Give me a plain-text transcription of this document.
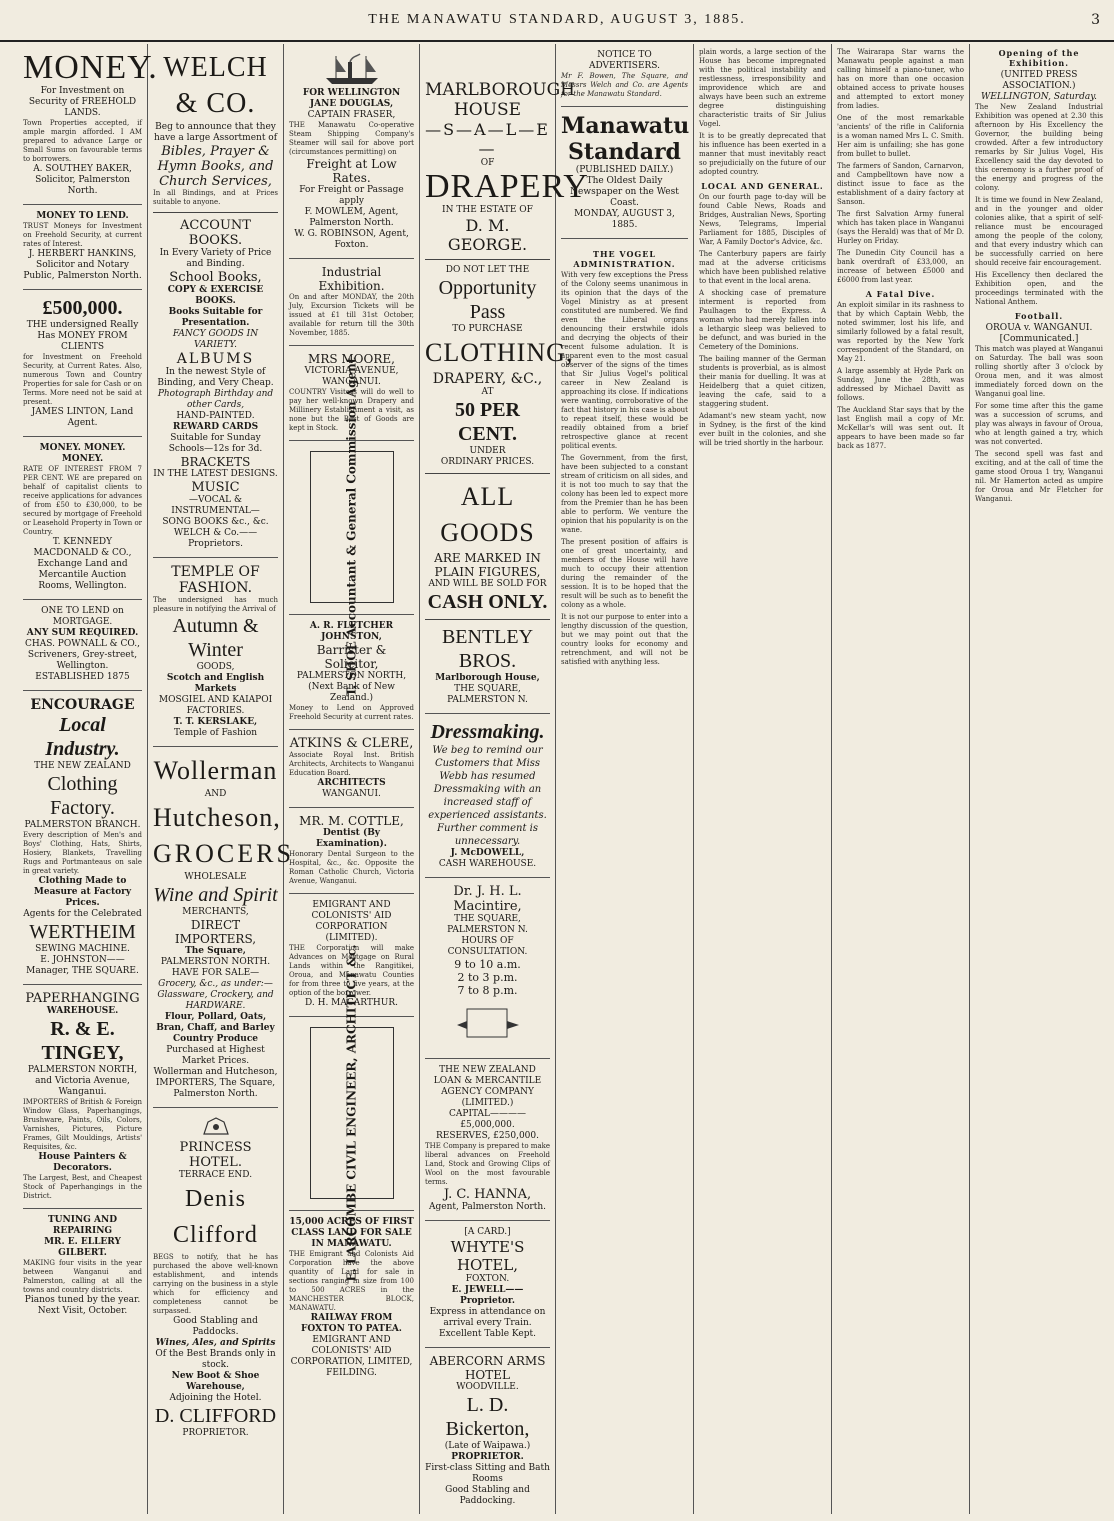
THE MANAWATU STANDARD, AUGUST 3, 1885.	3
MONEY.
For Investment on Security of FREEHOLD LANDS.
Town Properties accepted, if ample margin afforded. I AM prepared to advance Large or Small Sums on favourable terms to borrowers.
A. SOUTHEY BAKER, Solicitor, Palmerston North.
MONEY TO LEND.
TRUST Moneys for Investment on Freehold Security, at current rates of Interest.
J. HERBERT HANKINS, Solicitor and Notary Public, Palmerston North.
£500,000.
THE undersigned Really Has MONEY FROM CLIENTS
for Investment on Freehold Security, at Current Rates. Also, numerous Town and Country Properties for sale for Cash or on Terms. More need not be said at present.
JAMES LINTON, Land Agent.
MONEY. MONEY. MONEY.
RATE OF INTEREST FROM 7 PER CENT. WE are prepared on behalf of capitalist clients to receive applications for advances of from £50 to £30,000, to be secured by mortgage of Freehold or Leasehold Property in Town or Country.
T. KENNEDY MACDONALD & CO., Exchange Land and Mercantile Auction Rooms, Wellington.
ONE TO LEND on MORTGAGE.
ANY SUM REQUIRED.
CHAS. POWNALL & CO., Scriveners, Grey-street, Wellington. ESTABLISHED 1875
ENCOURAGE
Local Industry.
THE NEW ZEALAND
Clothing Factory.
PALMERSTON BRANCH.
Every description of Men's and Boys' Clothing, Hats, Shirts, Hosiery, Blankets, Travelling Rugs and Portmanteaus on sale in great variety.
Clothing Made to Measure at Factory Prices.
Agents for the Celebrated
WERTHEIM
SEWING MACHINE.
E. JOHNSTON——Manager, THE SQUARE.
PAPERHANGING
WAREHOUSE.
R. & E. TINGEY,
PALMERSTON NORTH, and Victoria Avenue, Wanganui.
IMPORTERS of British & Foreign Window Glass, Paperhangings, Brushware, Paints, Oils, Colors, Varnishes, Pictures, Picture Frames, Gilt Mouldings, Artists' Requisites, &c.
House Painters & Decorators.
The Largest, Best, and Cheapest Stock of Paperhangings in the District.
TUNING AND REPAIRING
MR. E. ELLERY GILBERT.
MAKING four visits in the year between Wanganui and Palmerston, calling at all the towns and country districts.
Pianos tuned by the year.
Next Visit, October.
WELCH & CO.
Beg to announce that they have a large Assortment of
Bibles, Prayer & Hymn Books, and Church Services,
In all Bindings, and at Prices suitable to anyone.
ACCOUNT BOOKS.
In Every Variety of Price and Binding.
School Books,
COPY & EXERCISE BOOKS.
Books Suitable for Presentation.
FANCY GOODS IN VARIETY.
ALBUMS
In the newest Style of Binding, and Very Cheap.
Photograph Birthday and other Cards,
HAND-PAINTED.
REWARD CARDS
Suitable for Sunday Schools—12s for 3d.
BRACKETS
IN THE LATEST DESIGNS.
MUSIC
—VOCAL & INSTRUMENTAL—
SONG BOOKS &c., &c.
WELCH & Co.——Proprietors.
TEMPLE OF FASHION.
The undersigned has much pleasure in notifying the Arrival of
Autumn & Winter
GOODS,
Scotch and English Markets
MOSGIEL AND KAIAPOI FACTORIES.
T. T. KERSLAKE,
Temple of Fashion
Wollerman
AND
Hutcheson,
GROCERS
WHOLESALE
Wine and Spirit
MERCHANTS,
DIRECT IMPORTERS,
The Square,
PALMERSTON NORTH.
HAVE FOR SALE—
Grocery, &c., as under:—
Glassware, Crockery, and HARDWARE.
Flour, Pollard, Oats, Bran, Chaff, and Barley
Country Produce
Purchased at Highest Market Prices.
Wollerman and Hutcheson, IMPORTERS, The Square, Palmerston North.
PRINCESS HOTEL.
TERRACE END.
Denis Clifford
BEGS to notify, that he has purchased the above well-known establishment, and intends carrying on the business in a style which for efficiency and completeness cannot be surpassed.
Good Stabling and Paddocks.
Wines, Ales, and Spirits
Of the Best Brands only in stock.
New Boot & Shoe Warehouse,
Adjoining the Hotel.
D. CLIFFORD
PROPRIETOR.
FOR WELLINGTON
JANE DOUGLAS,
CAPTAIN FRASER,
THE Manawatu Co-operative Steam Shipping Company's Steamer will sail for above port (circumstances permitting) on
Freight at Low Rates.
For Freight or Passage apply
F. MOWLEM, Agent, Palmerston North.
W. G. ROBINSON, Agent, Foxton.
Industrial Exhibition.
On and after MONDAY, the 20th July, Excursion Tickets will be issued at £1 till 31st October, available for return till the 30th November, 1885.
MRS MOORE,
VICTORIA AVENUE, WANGANUI.
COUNTRY Visitors will do well to pay her well-known Drapery and Millinery Establishment a visit, as none but the Best of Goods are kept in Stock. T. SHOE Accountant & General Commission Agent
A. R. FLETCHER JOHNSTON,
Barrister & Solicitor,
PALMERSTON NORTH, (Next Bank of New Zealand.)
Money to Lend on Approved Freehold Security at current rates.
ATKINS & CLERE,
Associate Royal Inst. British Architects, Architects to Wanganui Education Board.
ARCHITECTS
WANGANUI.
MR. M. COTTLE,
Dentist (By Examination).
Honorary Dental Surgeon to the Hospital, &c., &c. Opposite the Roman Catholic Church, Victoria Avenue, Wanganui.
EMIGRANT AND COLONISTS' AID CORPORATION (LIMITED).
THE Corporation will make Advances on Mortgage on Rural Lands within the Rangitikei, Oroua, and Manawatu Counties for from three to five years, at the option of the borrower.
D. H. MACARTHUR.
E. LARCOMBE CIVIL ENGINEER, ARCHITECT &c.
15,000 ACRES OF FIRST CLASS LAND FOR SALE IN MANAWATU.
THE Emigrant and Colonists Aid Corporation have the above quantity of Land for sale in sections ranging in size from 100 to 500 ACRES in the MANCHESTER BLOCK, MANAWATU.
RAILWAY FROM FOXTON TO PATEA.
EMIGRANT AND COLONISTS' AID CORPORATION, LIMITED, FEILDING.
MARLBOROUGH HOUSE
—S—A—L—E—
OF
DRAPERY
IN THE ESTATE OF
D. M. GEORGE.
DO NOT LET THE
Opportunity Pass
TO PURCHASE
CLOTHING,
DRAPERY, &C.,
AT
50 PER CENT.
UNDER
ORDINARY PRICES.
ALL GOODS
ARE MARKED IN
PLAIN FIGURES,
AND WILL BE SOLD FOR
CASH ONLY.
BENTLEY BROS.
Marlborough House,
THE SQUARE, PALMERSTON N.
Dressmaking.
We beg to remind our Customers that Miss Webb has resumed Dressmaking with an increased staff of experienced assistants. Further comment is unnecessary.
J. McDOWELL,
CASH WAREHOUSE.
Dr. J. H. L. Macintire,
THE SQUARE, PALMERSTON N.
HOURS OF CONSULTATION.
9 to 10 a.m.
2 to 3 p.m.
7 to 8 p.m.
THE NEW ZEALAND LOAN & MERCANTILE AGENCY COMPANY (LIMITED.)
CAPITAL————£5,000,000.
RESERVES, £250,000.
THE Company is prepared to make liberal advances on Freehold Land, Stock and Growing Clips of Wool on the most favourable terms.
J. C. HANNA,
Agent, Palmerston North.
[A CARD.]
WHYTE'S HOTEL,
FOXTON.
E. JEWELL——Proprietor.
Express in attendance on arrival every Train.
Excellent Table Kept.
ABERCORN ARMS HOTEL
WOODVILLE.
L. D. Bickerton,
(Late of Waipawa.)
PROPRIETOR.
First-class Sitting and Bath Rooms
Good Stabling and Paddocking.
NOTICE TO ADVERTISERS.
Mr F. Bowen, The Square, and Messrs Welch and Co. are Agents for the Manawatu Standard.
Manawatu Standard
(PUBLISHED DAILY.)
The Oldest Daily Newspaper on the West Coast.
MONDAY, AUGUST 3, 1885.
THE VOGEL ADMINISTRATION.

With very few exceptions the Press of the Colony seems unanimous in its opinion that the days of the Vogel Ministry as at present constituted are numbered. We find even the Liberal organs denouncing their erstwhile idols and decrying the objects of their recent fulsome adulation. It is apparent even to the most casual observer of the signs of the times that Sir Julius Vogel's political career in New Zealand is approaching its close. If indications were wanting, corroborative of the fact that history in his case is about to repeat itself, these would be readily obtained from a brief retrospective glance at recent political events.

The Government, from the first, have been subjected to a constant stream of criticism on all sides, and it is not too much to say that the colony has been led to expect more from the Premier than he has been able to perform. We venture the opinion that his popularity is on the wane.

The present position of affairs is one of great uncertainty, and members of the House will have much to occupy their attention during the remainder of the session. It is to be hoped that the result will be such as to benefit the colony as a whole.

It is not our purpose to enter into a lengthy discussion of the question, but we may point out that the country looks for economy and retrenchment, and will not be satisfied with anything less.

plain words, a large section of the House has become impregnated with the political instability and restlessness, irresponsibility and improvidence which are and always have been such an extreme degree distinguishing characteristic traits of Sir Julius Vogel.

It is to be greatly deprecated that his influence has been exerted in a manner that must inevitably react so prejudicially on the future of our adopted country.

LOCAL AND GENERAL.

On our fourth page to-day will be found Cable News, Roads and Bridges, Australian News, Sporting News, Telegrams, Imperial Parliament for 1885, Disciples of War, A Family Doctor's Advice, &c.

The Canterbury papers are fairly mad at the adverse criticisms which have been published relative to that event in the local arena.

A shocking case of premature interment is reported from Paulhagen to the Express. A woman who had merely fallen into a lethargic sleep was believed to be defunct, and was buried in the Cemetery of the Dominions.

The bailing manner of the German students is proverbial, as is almost their mania for duelling. It was at Heidelberg that a quiet citizen, leaving the cafe, said to a staggering student.

Adamant's new steam yacht, now in Sydney, is the first of the kind ever built in the colonies, and she will be tried shortly in the harbour.

The Wairarapa Star warns the Manawatu people against a man calling himself a piano-tuner, who has on more than one occasion obtained access to private houses and attempted to extort money from ladies.

One of the most remarkable 'ancients' of the rifle in California is a woman named Mrs L. C. Smith. Her aim is unfailing; she has gone from bullet to bullet.

The farmers of Sandon, Carnarvon, and Campbelltown have now a distinct issue to face as the establishment of a dairy factory at Sanson.

The first Salvation Army funeral which has taken place in Wanganui (says the Herald) was that of Mr D. Hurley on Friday.

The Dunedin City Council has a bank overdraft of £33,000, an increase of between £5000 and £6000 from last year.

A Fatal Dive.

An exploit similar in its rashness to that by which Captain Webb, the noted swimmer, lost his life, and similarly followed by a fatal result, was reported by the New York correspondent of the Standard, on May 21.

A large assembly at Hyde Park on Sunday, June the 28th, was addressed by Michael Davitt as follows.

The Auckland Star says that by the last English mail a copy of Mr. McKellar's will was sent out. It appears to have been made so far back as 1877.

Opening of the Exhibition.
(UNITED PRESS ASSOCIATION.)
WELLINGTON, Saturday.

The New Zealand Industrial Exhibition was opened at 2.30 this afternoon by His Excellency the Governor, the building being crowded. After a few introductory remarks by Sir Julius Vogel, His Excellency said the day devoted to this ceremony is a further proof of the energy and progress of the colony.

It is time we found in New Zealand, and in the younger and older colonies alike, that a spirit of self-reliance must be encouraged among the people of the colony, and that every industry which can be successfully carried on here should receive fair encouragement.

His Excellency then declared the Exhibition open, and the proceedings terminated with the National Anthem.

Football.
OROUA v. WANGANUI.
[Communicated.]

This match was played at Wanganui on Saturday. The ball was soon rolling shortly after 3 o'clock by Oroua men, and it was almost immediately forced down on the Wanganui goal line.

For some time after this the game was a succession of scrums, and play was always in favour of Oroua, who at length gained a try, which was not converted.

The second spell was fast and exciting, and at the call of time the game stood Oroua 1 try, Wanganui nil. Mr Hamerton acted as umpire for Oroua and Mr Fletcher for Wanganui.
